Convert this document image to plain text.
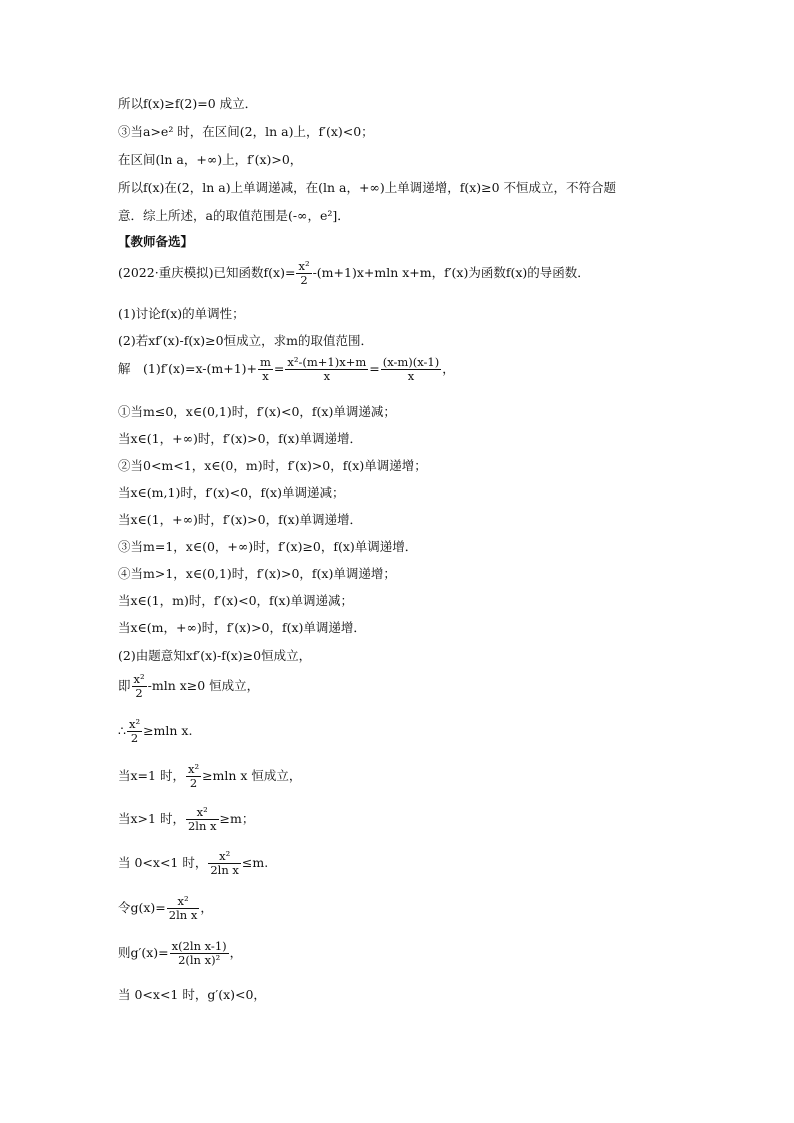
所以f(x)≥f(2)=0 成立．
③当a>e² 时，在区间(2，ln a)上，f′(x)<0；
在区间(ln a，+∞)上，f′(x)>0，
所以f(x)在(2，ln a)上单调递减，在(ln a，+∞)上单调递增，f(x)≥0 不恒成立，不符合题
意．综上所述，a的取值范围是(-∞，e²]．
【教师备选】
(2022·重庆模拟)已知函数$f(x)= \frac{\text{x²}}{2} -(m+1)x+mln$ x+m，f′(x)为函数f(x)的导函数．
(1)讨论f(x)的单调性；
(2)若xf′(x)-f(x)≥0恒成立，求m的取值范围．
解　$(1)f'(x)=x-(m+1)+ \frac{m}{x} = \frac{\text{x²-(m+1)x+m}}{x} = \frac{(x-m)(x-1)}{x}$ ，
①当m≤0，x∈(0,1)时，f′(x)<0，f(x)单调递减；
当x∈(1，+∞)时，f′(x)>0，f(x)单调递增．
②当0<m<1，x∈(0，m)时，f′(x)>0，f(x)单调递增；
当x∈(m,1)时，f′(x)<0，f(x)单调递减；
当x∈(1，+∞)时，f′(x)>0，f(x)单调递增．
③当m=1，x∈(0，+∞)时，f′(x)≥0，f(x)单调递增．
④当m>1，x∈(0,1)时，f′(x)>0，f(x)单调递增；
当x∈(1，m)时，f′(x)<0，f(x)单调递减；
当x∈(m，+∞)时，f′(x)>0，f(x)单调递增．
(2)由题意知xf′(x)-f(x)≥0恒成立，
即 $\frac{\text{x²}}{2} -mln$ x≥0 恒成立，
∴ $\frac{\text{x²}}{2} \ge mln$ x.
当x=1 时， $\frac{\text{x²}}{2} \ge mln$ x 恒成立，
当x>1 时， $\frac{\text{x²}}{\text{2ln x}} \ge m$；
当 0<x<1 时， $\frac{\text{x²}}{\text{2ln x}} \le m$.
令$g(x)= \frac{\text{x²}}{\text{2ln x}}$ ，
则$g'(x)= \frac{\text{x(2ln x-1)}}{\text{2(ln x)²}}$ ，
当 0<x<1 时，g′(x)<0，
